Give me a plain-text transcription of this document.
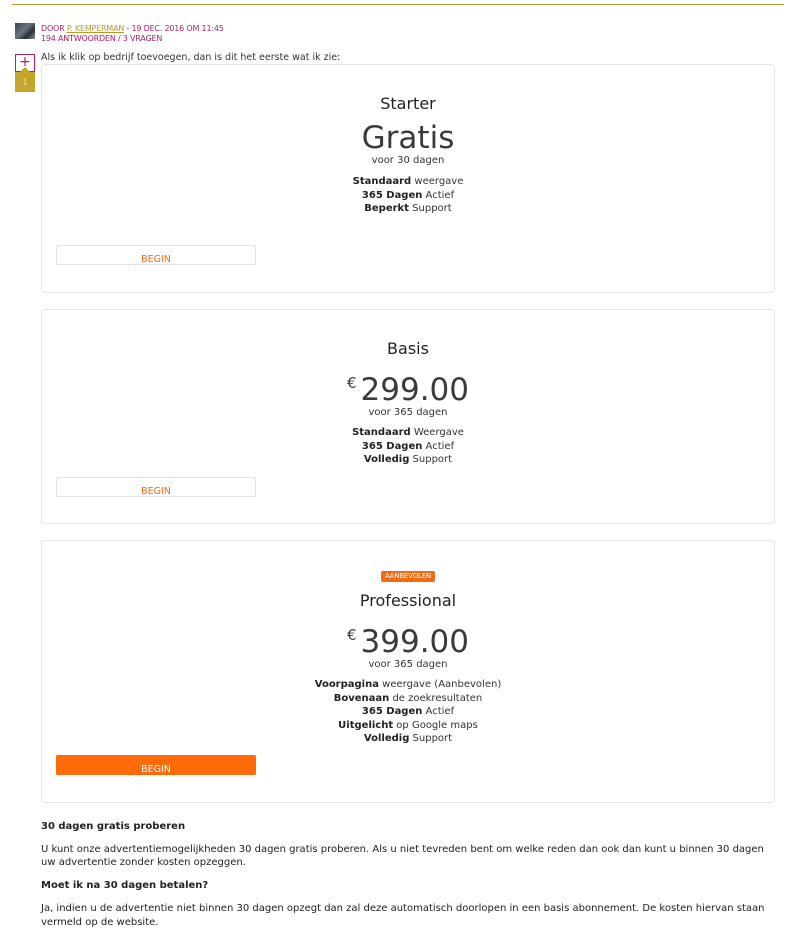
DOOR P. KEMPERMAN - 19 DEC. 2016 OM 11:45
194 ANTWOORDEN / 3 VRAGEN
+
1
Als ik klik op bedrijf toevoegen, dan is dit het eerste wat ik zie:
Starter
Gratis
voor 30 dagen
Standaard weergave
365 Dagen Actief
Beperkt Support
BEGIN
Basis
€ 299.00
voor 365 dagen
Standaard Weergave
365 Dagen Actief
Volledig Support
BEGIN
AANBEVOLEN
Professional
€ 399.00
voor 365 dagen
Voorpagina weergave (Aanbevolen)
Bovenaan de zoekresultaten
365 Dagen Actief
Uitgelicht op Google maps
Volledig Support
BEGIN
30 dagen gratis proberen
U kunt onze advertentiemogelijkheden 30 dagen gratis proberen. Als u niet tevreden bent om welke reden dan ook dan kunt u binnen 30 dagen uw advertentie zonder kosten opzeggen.
Moet ik na 30 dagen betalen?
Ja, indien u de advertentie niet binnen 30 dagen opzegt dan zal deze automatisch doorlopen in een basis abonnement. De kosten hiervan staan vermeld op de website.
